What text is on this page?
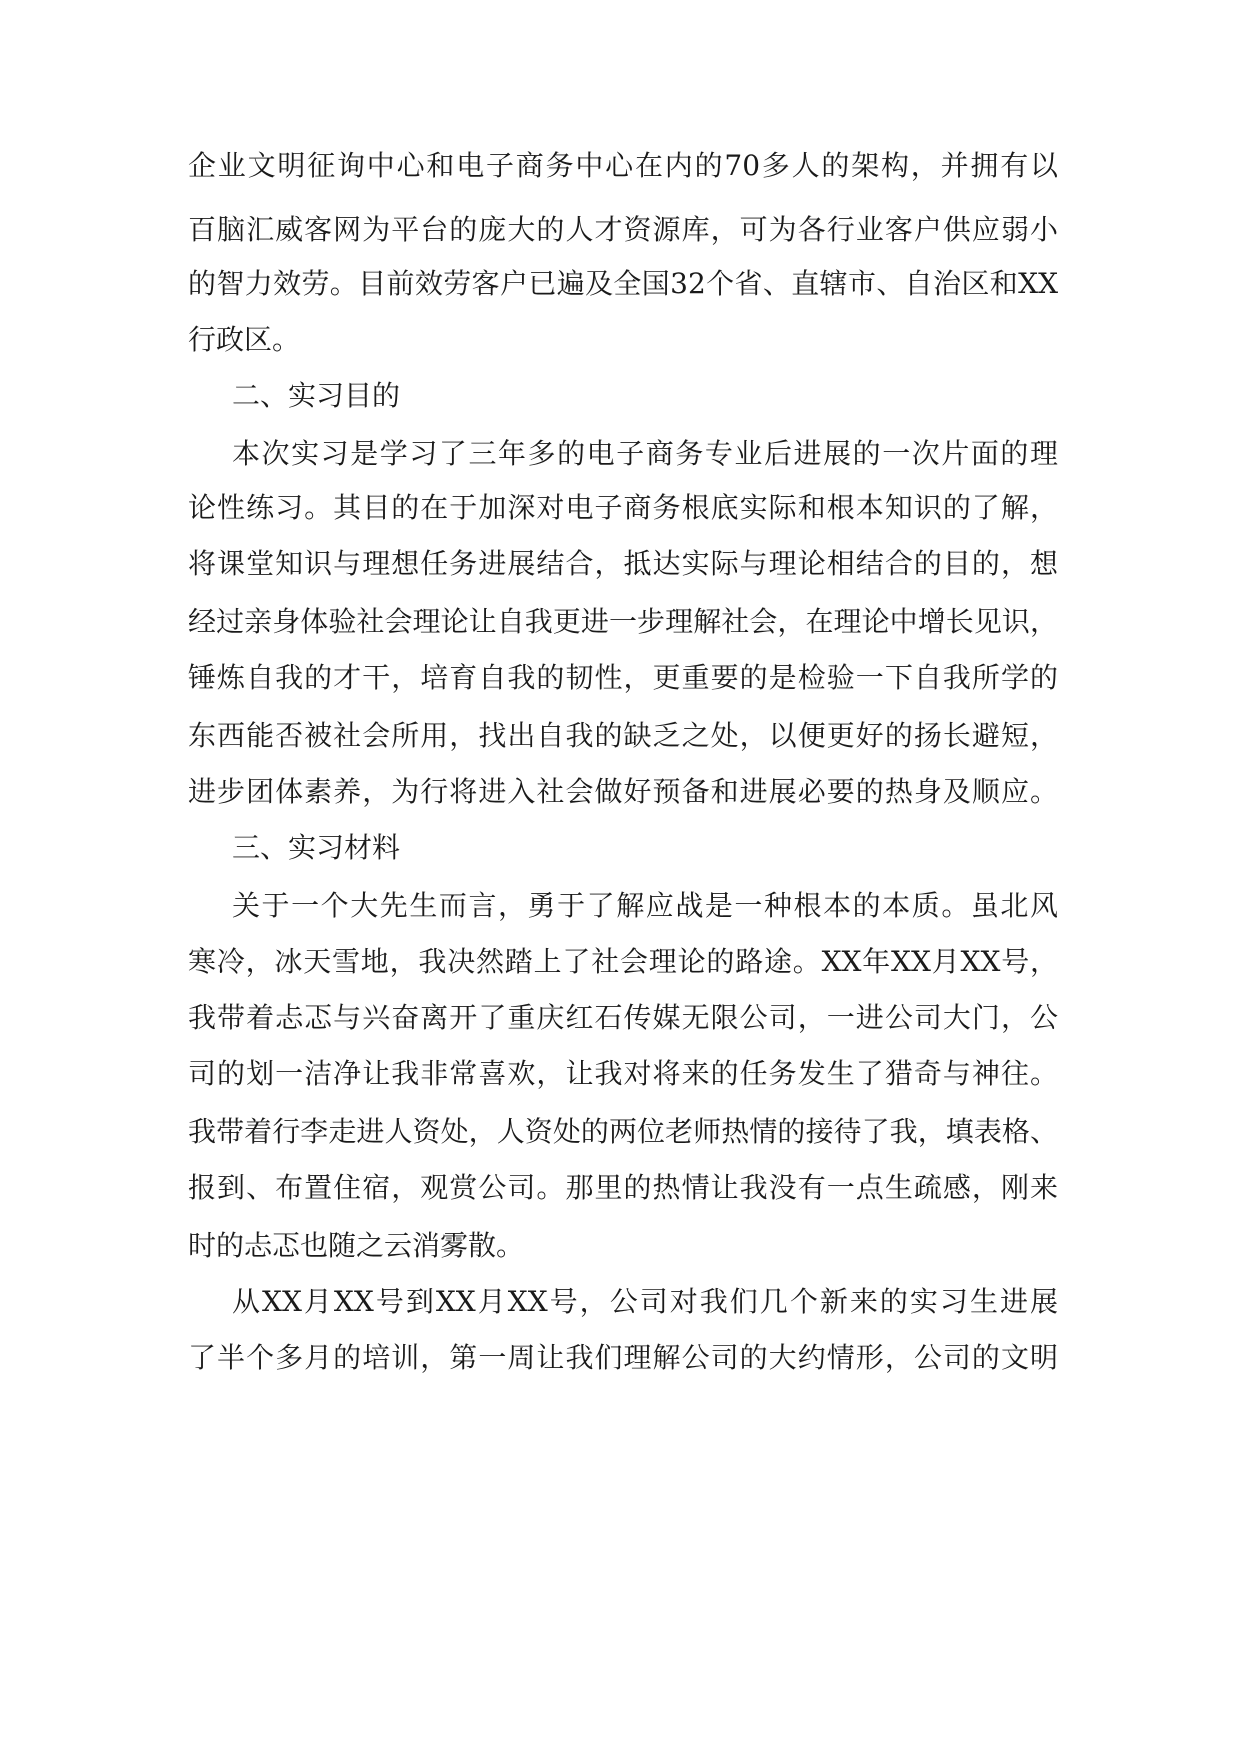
企业文明征询中心和电子商务中心在内的70多人的架构，并拥有以
百脑汇威客网为平台的庞大的人才资源库，可为各行业客户供应弱小
的智力效劳。目前效劳客户已遍及全国32个省、直辖市、自治区和XX
行政区。
二、实习目的
本次实习是学习了三年多的电子商务专业后进展的一次片面的理
论性练习。其目的在于加深对电子商务根底实际和根本知识的了解，
将课堂知识与理想任务进展结合，抵达实际与理论相结合的目的，想
经过亲身体验社会理论让自我更进一步理解社会，在理论中增长见识，
锤炼自我的才干，培育自我的韧性，更重要的是检验一下自我所学的
东西能否被社会所用，找出自我的缺乏之处，以便更好的扬长避短，
进步团体素养，为行将进入社会做好预备和进展必要的热身及顺应。
三、实习材料
关于一个大先生而言，勇于了解应战是一种根本的本质。虽北风
寒冷，冰天雪地，我决然踏上了社会理论的路途。XX年XX月XX号，
我带着忐忑与兴奋离开了重庆红石传媒无限公司，一进公司大门，公
司的划一洁净让我非常喜欢，让我对将来的任务发生了猎奇与神往。
我带着行李走进人资处，人资处的两位老师热情的接待了我，填表格、
报到、布置住宿，观赏公司。那里的热情让我没有一点生疏感，刚来
时的忐忑也随之云消雾散。
从XX月XX号到XX月XX号，公司对我们几个新来的实习生进展
了半个多月的培训，第一周让我们理解公司的大约情形，公司的文明
